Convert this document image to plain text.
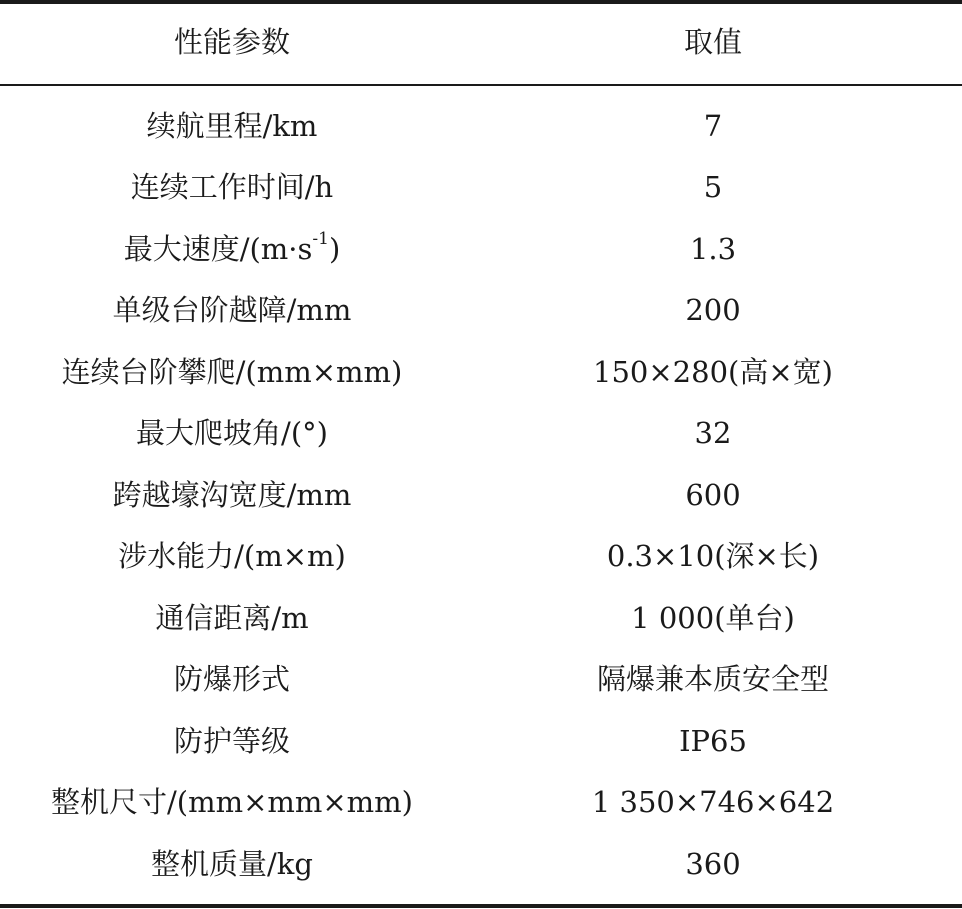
性能参数	取值
续航里程/km	7
连续工作时间/h	5
最大速度$/(m\cdot s^{-1})$	1.3
单级台阶越障/mm	200
连续台阶攀爬/(mm×mm)	150×280(高×宽)
最大爬坡角/(°)	32
跨越壕沟宽度/mm	600
涉水能力/(m×m)	0.3×10(深×长)
通信距离/m	1 000(单台)
防爆形式	隔爆兼本质安全型
防护等级	IP65
整机尺寸/(mm×mm×mm)	1 350×746×642
整机质量/kg	360
